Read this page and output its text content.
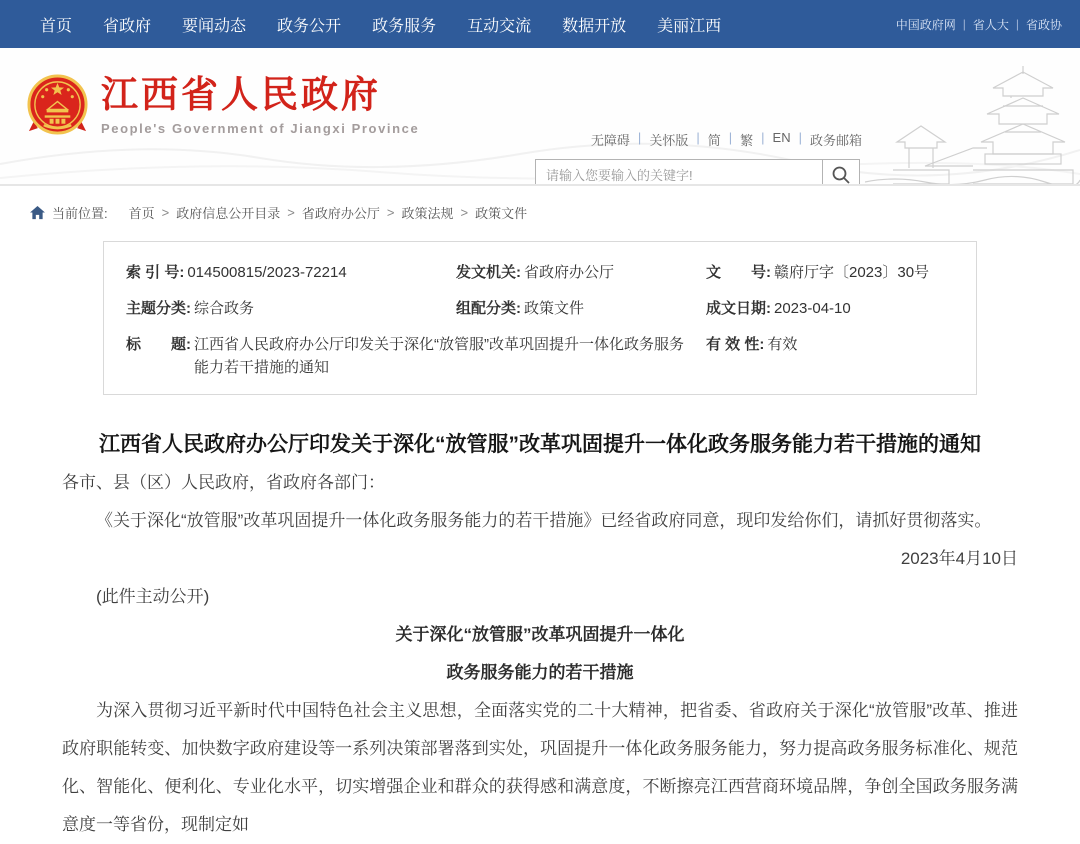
首页 省政府 要闻动态 政务公开 政务服务 互动交流 数据开放 美丽江西	中国政府网 | 省人大 | 省政协
江西省人民政府
People's Government of Jiangxi Province
无障碍 | 关怀版 | 简 | 繁 | EN | 政务邮箱
请输入您要输入的关键字!
当前位置: 首页 > 政府信息公开目录 > 省政府办公厅 > 政策法规 > 政策文件
索 引 号: 014500815/2023-72214	发文机关: 省政府办公厅	文　　号: 赣府厅字〔2023〕30号
主题分类: 综合政务	组配分类: 政策文件	成文日期: 2023-04-10
标　　题: 江西省人民政府办公厅印发关于深化“放管服”改革巩固提升一体化政务服务能力若干措施的通知
有 效 性: 有效
江西省人民政府办公厅印发关于深化“放管服”改革巩固提升一体化政务服务能力若干措施的通知

各市、县（区）人民政府，省政府各部门：

《关于深化“放管服”改革巩固提升一体化政务服务能力的若干措施》已经省政府同意，现印发给你们，请抓好贯彻落实。

2023年4月10日

(此件主动公开)

关于深化“放管服”改革巩固提升一体化

政务服务能力的若干措施

为深入贯彻习近平新时代中国特色社会主义思想，全面落实党的二十大精神，把省委、省政府关于深化“放管服”改革、推进政府职能转变、加快数字政府建设等一系列决策部署落到实处，巩固提升一体化政务服务能力，努力提高政务服务标准化、规范化、智能化、便利化、专业化水平，切实增强企业和群众的获得感和满意度，不断擦亮江西营商环境品牌，争创全国政务服务满意度一等省份，现制定如
